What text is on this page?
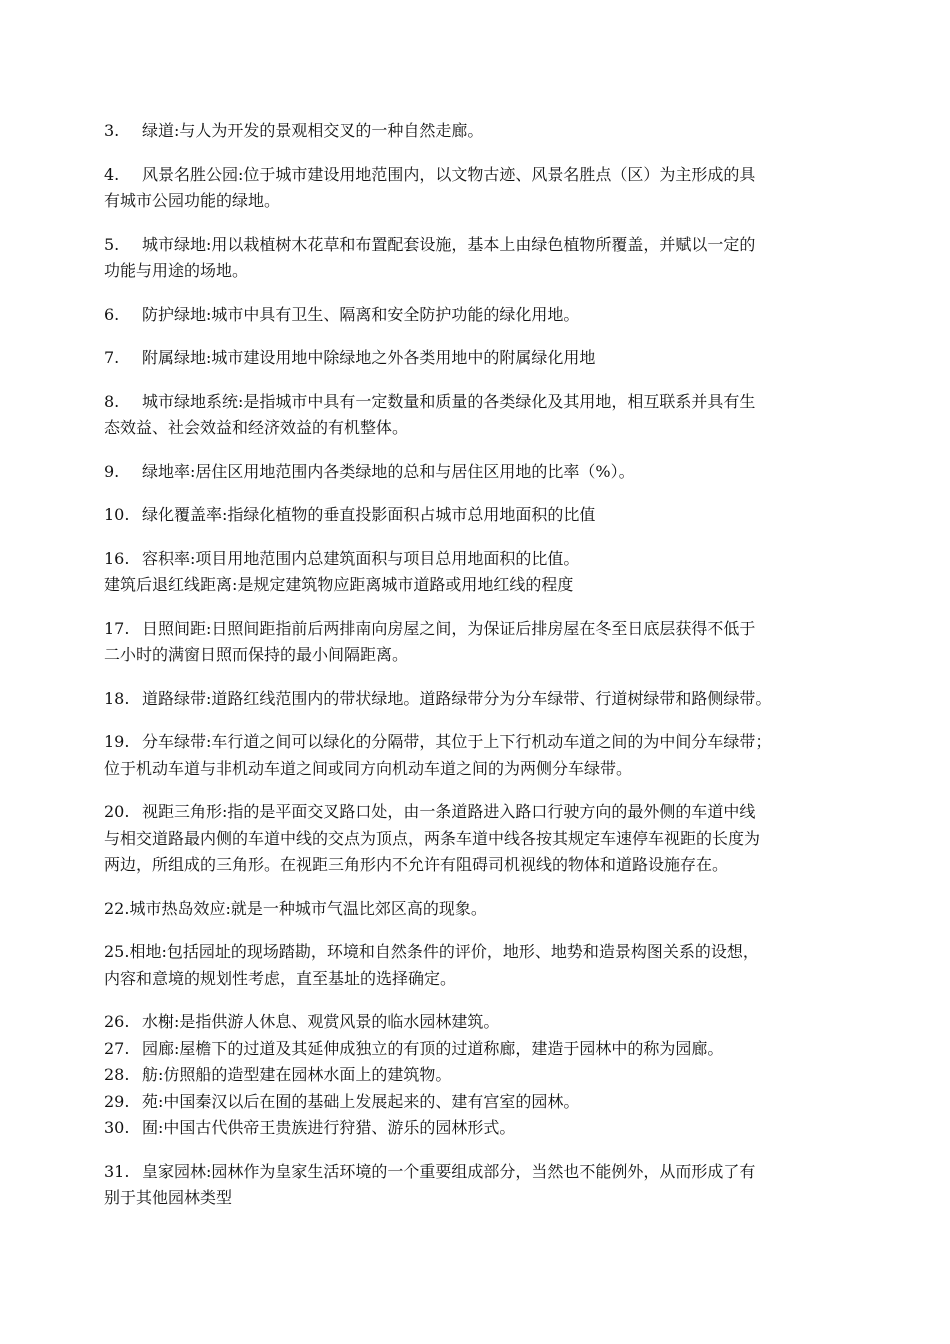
3. 绿道:与人为开发的景观相交叉的一种自然走廊。

4. 风景名胜公园:位于城市建设用地范围内，以文物古迹、风景名胜点（区）为主形成的具
有城市公园功能的绿地。

5. 城市绿地:用以栽植树木花草和布置配套设施，基本上由绿色植物所覆盖，并赋以一定的
功能与用途的场地。

6. 防护绿地:城市中具有卫生、隔离和安全防护功能的绿化用地。

7. 附属绿地:城市建设用地中除绿地之外各类用地中的附属绿化用地

8. 城市绿地系统:是指城市中具有一定数量和质量的各类绿化及其用地，相互联系并具有生
态效益、社会效益和经济效益的有机整体。

9. 绿地率:居住区用地范围内各类绿地的总和与居住区用地的比率（%）。

10. 绿化覆盖率:指绿化植物的垂直投影面积占城市总用地面积的比值

16. 容积率:项目用地范围内总建筑面积与项目总用地面积的比值。
建筑后退红线距离:是规定建筑物应距离城市道路或用地红线的程度

17. 日照间距:日照间距指前后两排南向房屋之间，为保证后排房屋在冬至日底层获得不低于
二小时的满窗日照而保持的最小间隔距离。

18. 道路绿带:道路红线范围内的带状绿地。道路绿带分为分车绿带、行道树绿带和路侧绿带。

19. 分车绿带:车行道之间可以绿化的分隔带，其位于上下行机动车道之间的为中间分车绿带；
位于机动车道与非机动车道之间或同方向机动车道之间的为两侧分车绿带。

20. 视距三角形:指的是平面交叉路口处，由一条道路进入路口行驶方向的最外侧的车道中线
与相交道路最内侧的车道中线的交点为顶点，两条车道中线各按其规定车速停车视距的长度为
两边，所组成的三角形。在视距三角形内不允许有阻碍司机视线的物体和道路设施存在。

22.城市热岛效应:就是一种城市气温比郊区高的现象。

25.相地:包括园址的现场踏勘，环境和自然条件的评价，地形、地势和造景构图关系的设想，
内容和意境的规划性考虑，直至基址的选择确定。

26. 水榭:是指供游人休息、观赏风景的临水园林建筑。

27. 园廊:屋檐下的过道及其延伸成独立的有顶的过道称廊，建造于园林中的称为园廊。

28. 舫:仿照船的造型建在园林水面上的建筑物。

29. 苑:中国秦汉以后在囿的基础上发展起来的、建有宫室的园林。

30. 囿:中国古代供帝王贵族进行狩猎、游乐的园林形式。

31. 皇家园林:园林作为皇家生活环境的一个重要组成部分，当然也不能例外，从而形成了有
别于其他园林类型
